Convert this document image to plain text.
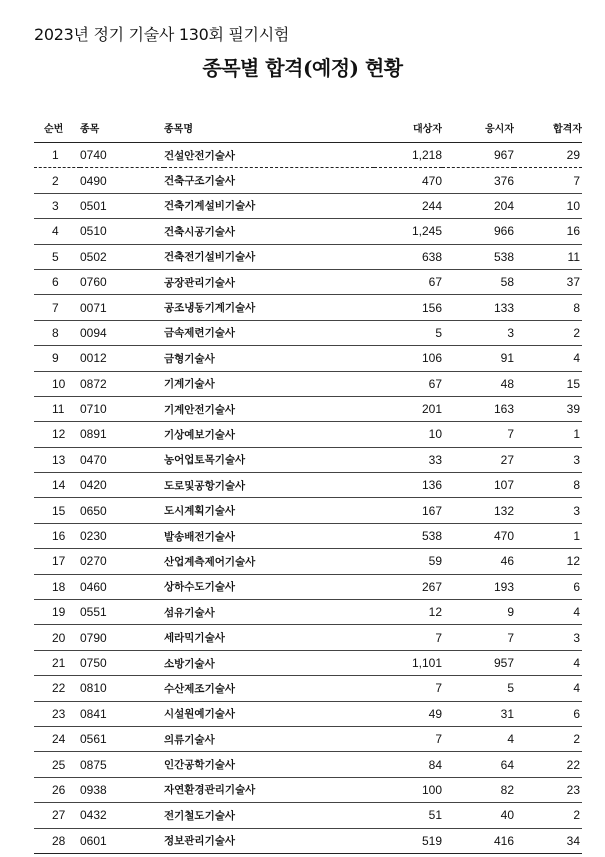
2023년 정기 기술사 130회 필기시험
종목별 합격(예정) 현황
순번	종목	종목명	대상자	응시자	합격자
1	0740	건설안전기술사	1,218	967	29
2	0490	건축구조기술사	470	376	7
3	0501	건축기계설비기술사	244	204	10
4	0510	건축시공기술사	1,245	966	16
5	0502	건축전기설비기술사	638	538	11
6	0760	공장관리기술사	67	58	37
7	0071	공조냉동기계기술사	156	133	8
8	0094	금속제련기술사	5	3	2
9	0012	금형기술사	106	91	4
10	0872	기계기술사	67	48	15
11	0710	기계안전기술사	201	163	39
12	0891	기상예보기술사	10	7	1
13	0470	농어업토목기술사	33	27	3
14	0420	도로및공항기술사	136	107	8
15	0650	도시계획기술사	167	132	3
16	0230	발송배전기술사	538	470	1
17	0270	산업계측제어기술사	59	46	12
18	0460	상하수도기술사	267	193	6
19	0551	섬유기술사	12	9	4
20	0790	세라믹기술사	7	7	3
21	0750	소방기술사	1,101	957	4
22	0810	수산제조기술사	7	5	4
23	0841	시설원예기술사	49	31	6
24	0561	의류기술사	7	4	2
25	0875	인간공학기술사	84	64	22
26	0938	자연환경관리기술사	100	82	23
27	0432	전기철도기술사	51	40	2
28	0601	정보관리기술사	519	416	34
